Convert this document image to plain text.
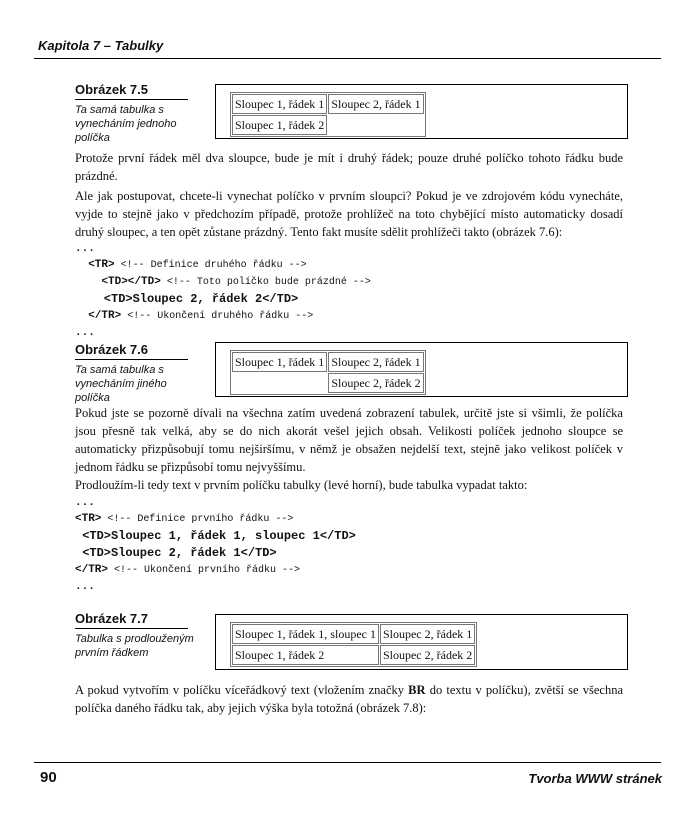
Kapitola 7 – Tabulky
Obrázek 7.5
Ta samá tabulka s vynecháním jednoho políčka
Sloupec 1, řádek 1	Sloupec 2, řádek 1
Sloupec 1, řádek 2	
Protože první řádek měl dva sloupce, bude je mít i druhý řádek; pouze druhé políčko tohoto řádku bude prázdné.
Ale jak postupovat, chcete-li vynechat políčko v prvním sloupci? Pokud je ve zdrojovém kódu vynecháte, vyjde to stejně jako v předchozím případě, protože prohlížeč na toto chybějící místo automaticky dosadí druhý sloupec, a ten opět zůstane prázdný. Tento fakt musíte sdělit prohlížeči takto (obrázek 7.6):
...
<TR> <!-- Definice druhého řádku -->
<TD></TD> <!-- Toto políčko bude prázdné -->
<TD>Sloupec 2, řádek 2</TD>
</TR> <!-- Ukončení druhého řádku -->
...
Obrázek 7.6
Ta samá tabulka s vynecháním jiného políčka
Sloupec 1, řádek 1	Sloupec 2, řádek 1
	Sloupec 2, řádek 2
Pokud jste se pozorně dívali na všechna zatím uvedená zobrazení tabulek, určitě jste si všimli, že políčka jsou přesně tak velká, aby se do nich akorát vešel jejich obsah. Velikosti políček jednoho sloupce se automaticky přizpůsobují tomu nejširšímu, v němž je obsažen nejdelší text, stejně jako velikost políček v jednom řádku se přizpůsobí tomu nejvyššímu.
Prodloužím-li tedy text v prvním políčku tabulky (levé horní), bude tabulka vypadat takto:
...
<TR> <!-- Definice prvního řádku -->
<TD>Sloupec 1, řádek 1, sloupec 1</TD>
<TD>Sloupec 2, řádek 1</TD>
</TR> <!-- Ukončení prvního řádku -->
...
Obrázek 7.7
Tabulka s prodlouženým prvním řádkem
Sloupec 1, řádek 1, sloupec 1	Sloupec 2, řádek 1
Sloupec 1, řádek 2	Sloupec 2, řádek 2
A pokud vytvořím v políčku víceřádkový text (vložením značky BR do textu v políčku), zvětší se všechna políčka daného řádku tak, aby jejich výška byla totožná (obrázek 7.8):
90	Tvorba WWW stránek
